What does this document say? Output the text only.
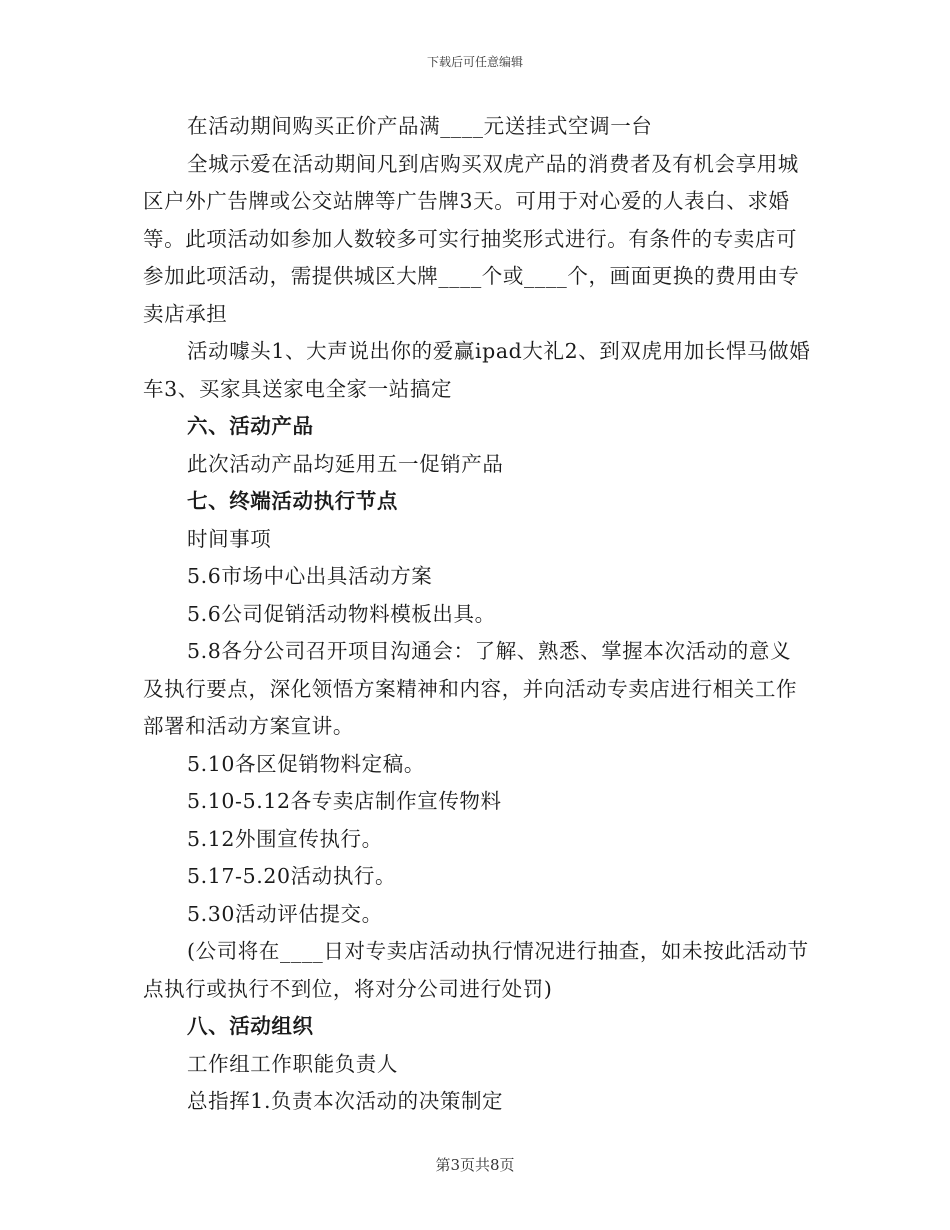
下载后可任意编辑

在活动期间购买正价产品满____元送挂式空调一台

全城示爱在活动期间凡到店购买双虎产品的消费者及有机会享用城区户外广告牌或公交站牌等广告牌3天。可用于对心爱的人表白、求婚等。此项活动如参加人数较多可实行抽奖形式进行。有条件的专卖店可参加此项活动，需提供城区大牌____个或____个，画面更换的费用由专卖店承担

活动噱头1、大声说出你的爱赢ipad大礼2、到双虎用加长悍马做婚车3、买家具送家电全家一站搞定

六、活动产品

此次活动产品均延用五一促销产品

七、终端活动执行节点

时间事项

5.6市场中心出具活动方案

5.6公司促销活动物料模板出具。

5.8各分公司召开项目沟通会：了解、熟悉、掌握本次活动的意义及执行要点，深化领悟方案精神和内容，并向活动专卖店进行相关工作部署和活动方案宣讲。

5.10各区促销物料定稿。

5.10-5.12各专卖店制作宣传物料

5.12外围宣传执行。

5.17-5.20活动执行。

5.30活动评估提交。

(公司将在____日对专卖店活动执行情况进行抽查，如未按此活动节点执行或执行不到位，将对分公司进行处罚)

八、活动组织

工作组工作职能负责人

总指挥1.负责本次活动的决策制定

第3页共8页
